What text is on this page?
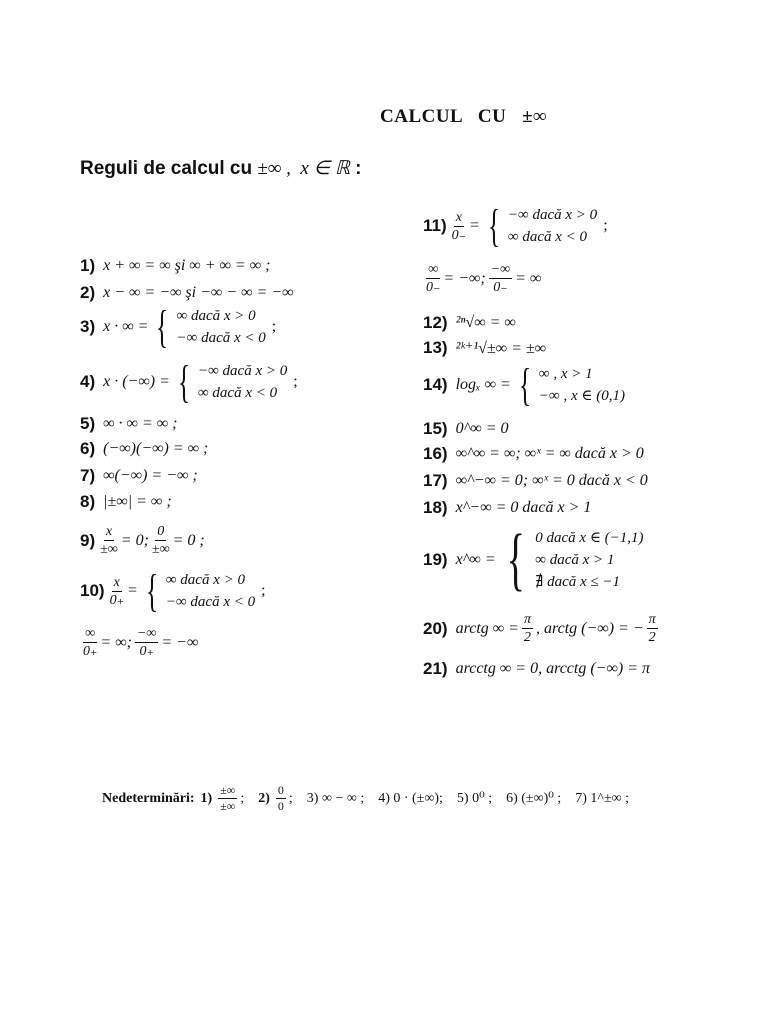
CALCUL   CU   ±∞
Reguli de calcul cu ±∞ ,  x ∈ ℝ :
1) x + ∞ = ∞ şi ∞ + ∞ = ∞ ;
2) x − ∞ = −∞ şi −∞ − ∞ = −∞
3) x · ∞ = { ∞ dacă x > 0
−∞ dacă x < 0
;
4) x · (−∞) = { −∞ dacă x > 0
∞ dacă x < 0
;
5) ∞ · ∞ = ∞ ;
6) (−∞)(−∞) = ∞ ;
7) ∞(−∞) = −∞ ;
8) |±∞| = ∞ ;
$9) \frac{x}{\pm\infty} = 0$; $\frac{0}{\pm\infty} = 0$ ;
$10) \frac{x}{0_+}$ = { ∞ dacă x > 0
−∞ dacă x < 0
;
$\frac{\infty}{0_+}$ = ∞; $\frac{-\infty}{0_+}$ = −∞
$11) \frac{x}{0_-}$ = { −∞ dacă x > 0
∞ dacă x < 0
;
$\frac{\infty}{0_-}$ = −∞; $\frac{-\infty}{0_-}$ = ∞
12) ²ⁿ√∞ = ∞
13) ²ᵏ⁺¹√±∞ = ±∞
14) logₓ ∞ = { ∞ , x > 1
−∞ , x ∈ (0,1)
15) 0^∞ = 0
16) ∞^∞ = ∞; ∞ˣ = ∞ dacă x > 0
17) ∞^−∞ = 0; ∞ˣ = 0 dacă x < 0
18) x^−∞ = 0 dacă x > 1
19) x^∞ = { 0 dacă x ∈ (−1,1)
∞ dacă x > 1
∄ dacă x ≤ −1
20) arctg ∞ = $\frac{\pi}{2}$ , arctg (−∞) = − $\frac{\pi}{2}$
21) arcctg ∞ = 0, arcctg (−∞) = π
Nedeterminări: $1) \frac{\pm\infty}{\pm\infty}$ ; $2) \frac{0}{0}$ ; 3) ∞ − ∞ ; 4) 0 · (±∞); 5) 0⁰ ; 6) (±∞)⁰ ; 7) 1^±∞ ;
